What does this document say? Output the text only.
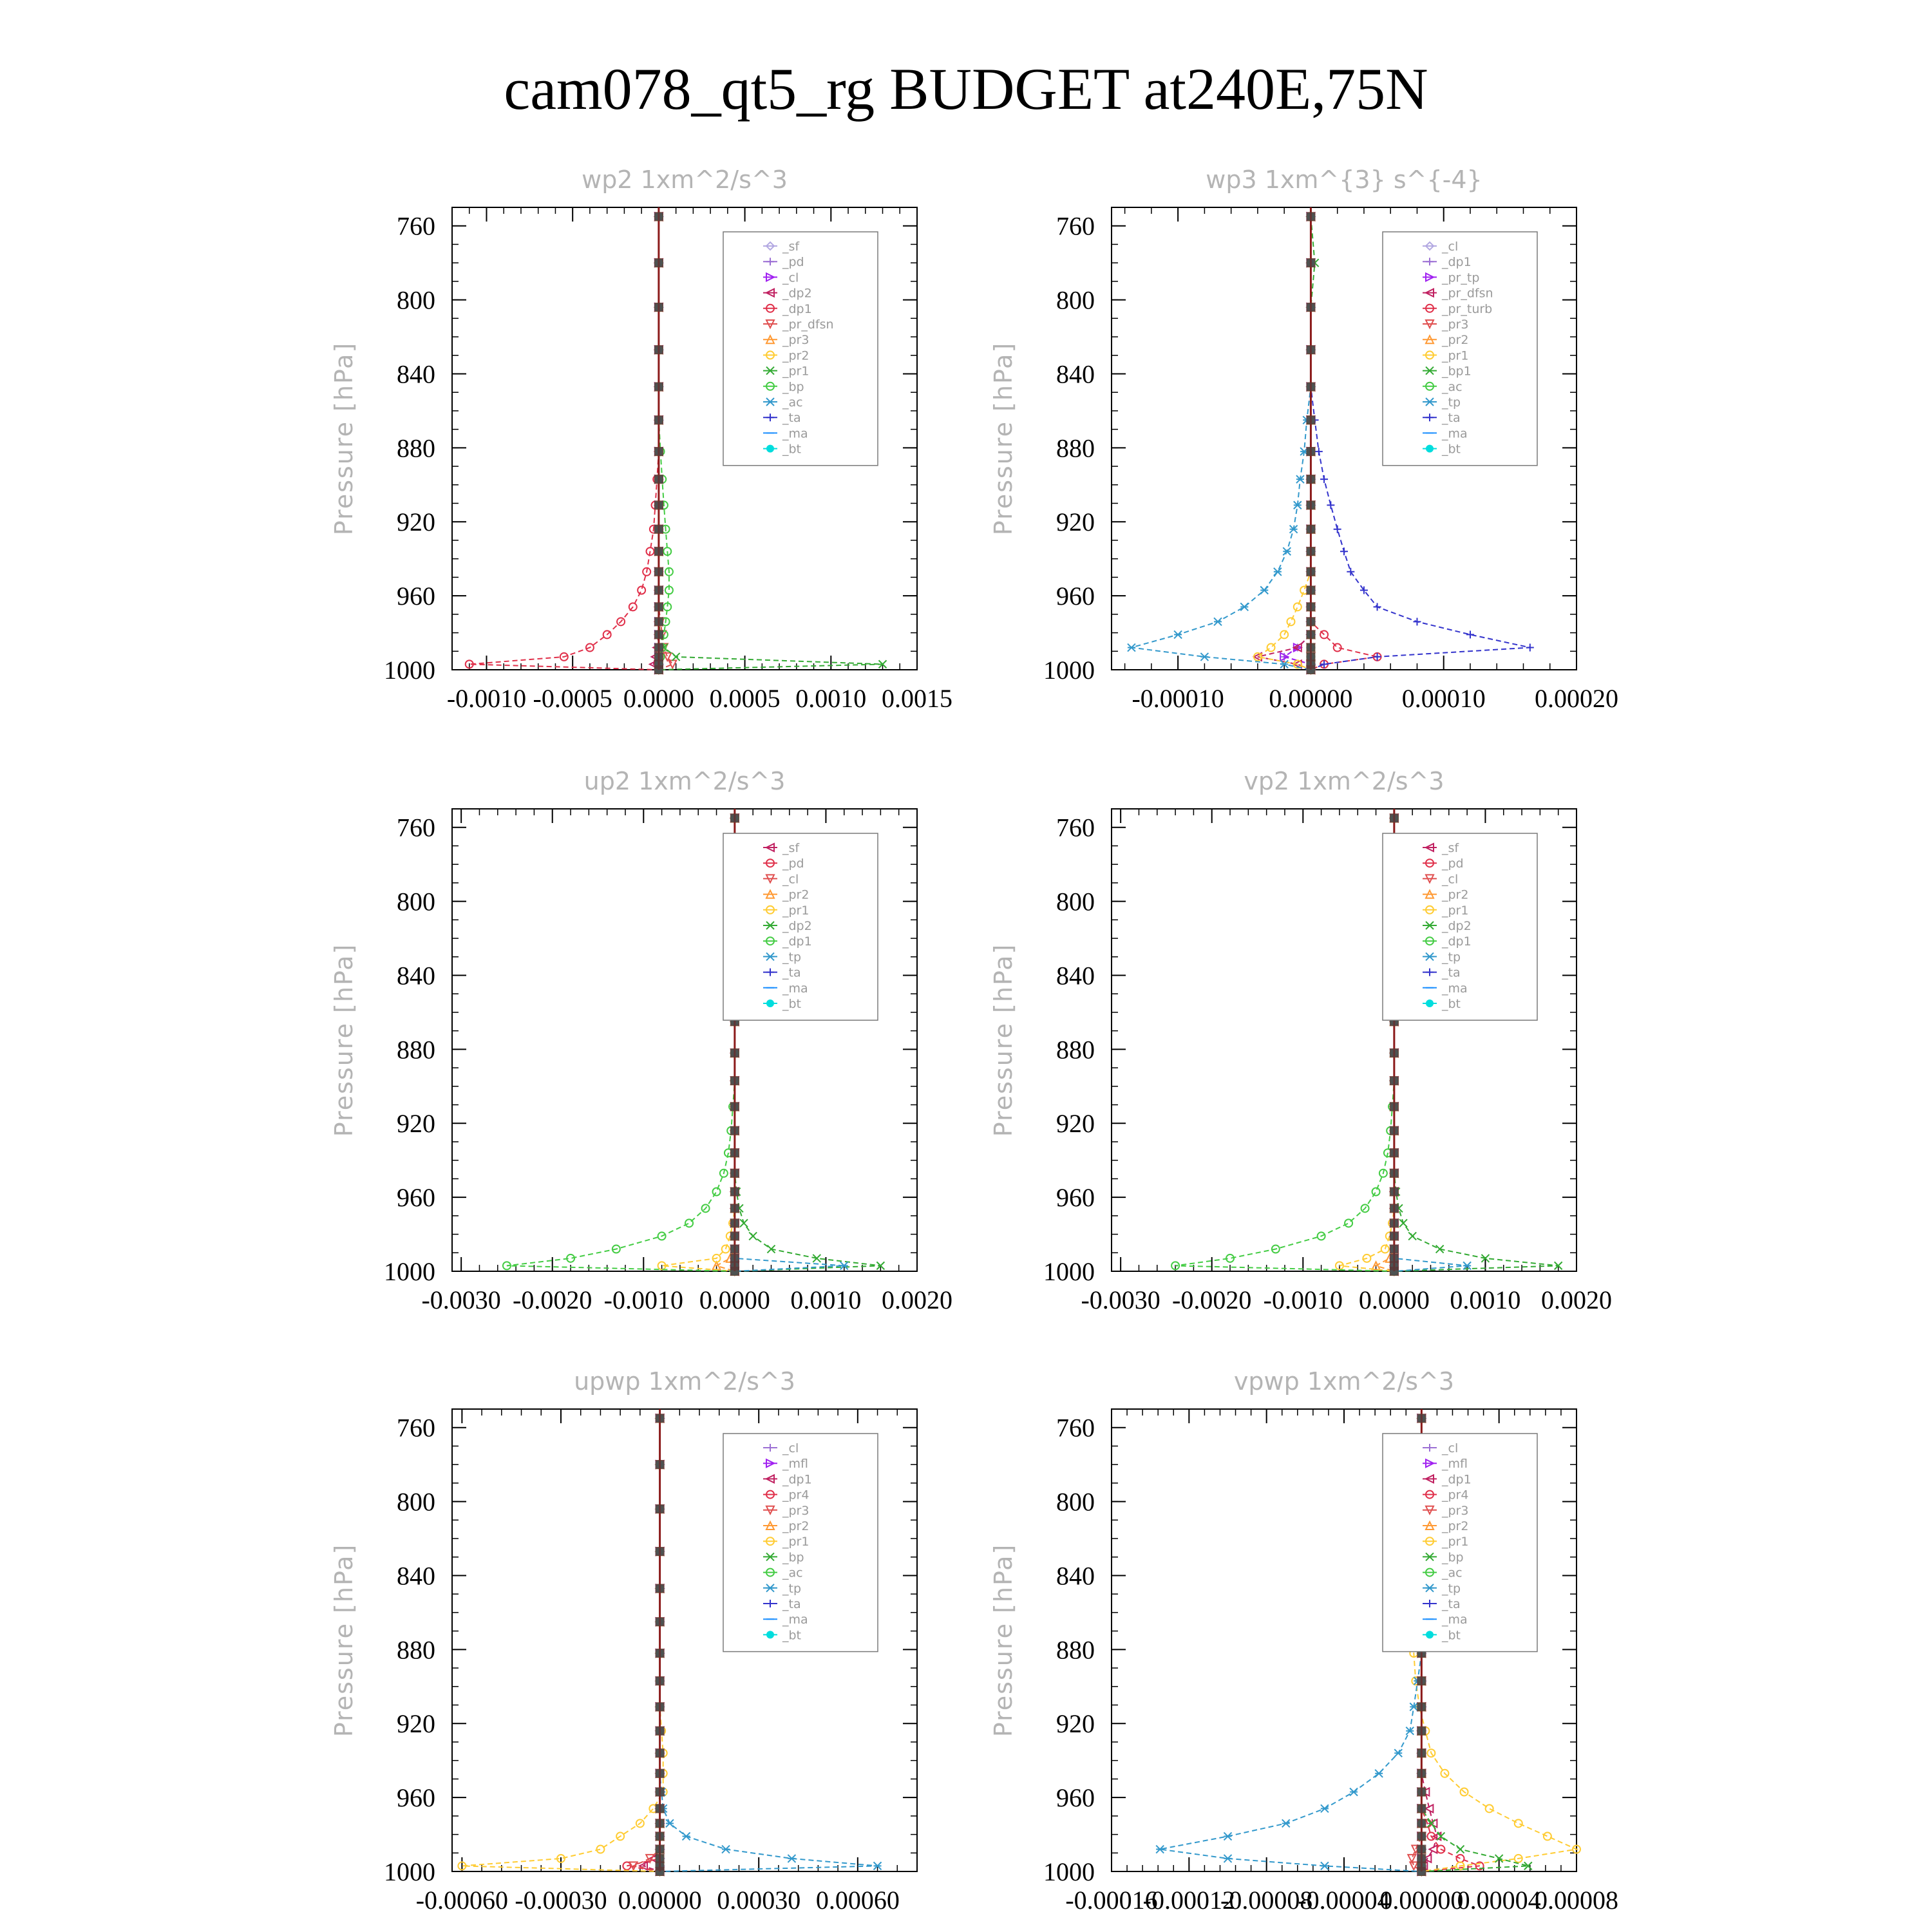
cam078_qt5_rg BUDGET at240E,75N
wp2 1xm^2/s^3
Pressure [hPa]
760
800
840
880
920
960
1000
-0.0010 -0.0005 0.0000 0.0005 0.0010 0.0015
_sf
_pd
_cl
_dp2
_dp1
_pr_dfsn
_pr3
_pr2
_pr1
_bp
_ac
_ta
_ma
_bt
wp3 1xm^{3} s^{-4}
Pressure [hPa]
760
800
840
880
920
960
1000
-0.00010 0.00000 0.00010 0.00020
_cl
_dp1
_pr_tp
_pr_dfsn
_pr_turb
_pr3
_pr2
_pr1
_bp1
_ac
_tp
_ta
_ma
_bt
up2 1xm^2/s^3
Pressure [hPa]
760
800
840
880
920
960
1000
-0.0030 -0.0020 -0.0010 0.0000 0.0010 0.0020
_sf
_pd
_cl
_pr2
_pr1
_dp2
_dp1
_tp
_ta
_ma
_bt
vp2 1xm^2/s^3
Pressure [hPa]
760
800
840
880
920
960
1000
-0.0030 -0.0020 -0.0010 0.0000 0.0010 0.0020
_sf
_pd
_cl
_pr2
_pr1
_dp2
_dp1
_tp
_ta
_ma
_bt
upwp 1xm^2/s^3
Pressure [hPa]
760
800
840
880
920
960
1000
-0.00060 -0.00030 0.00000 0.00030 0.00060
_cl
_mfl
_dp1
_pr4
_pr3
_pr2
_pr1
_bp
_ac
_tp
_ta
_ma
_bt
vpwp 1xm^2/s^3
Pressure [hPa]
760
800
840
880
920
960
1000
-0.00016
-0.00012
-0.00008
-0.00004
0.00000
0.00004
0.00008
_cl
_mfl
_dp1
_pr4
_pr3
_pr2
_pr1
_bp
_ac
_tp
_ta
_ma
_bt
